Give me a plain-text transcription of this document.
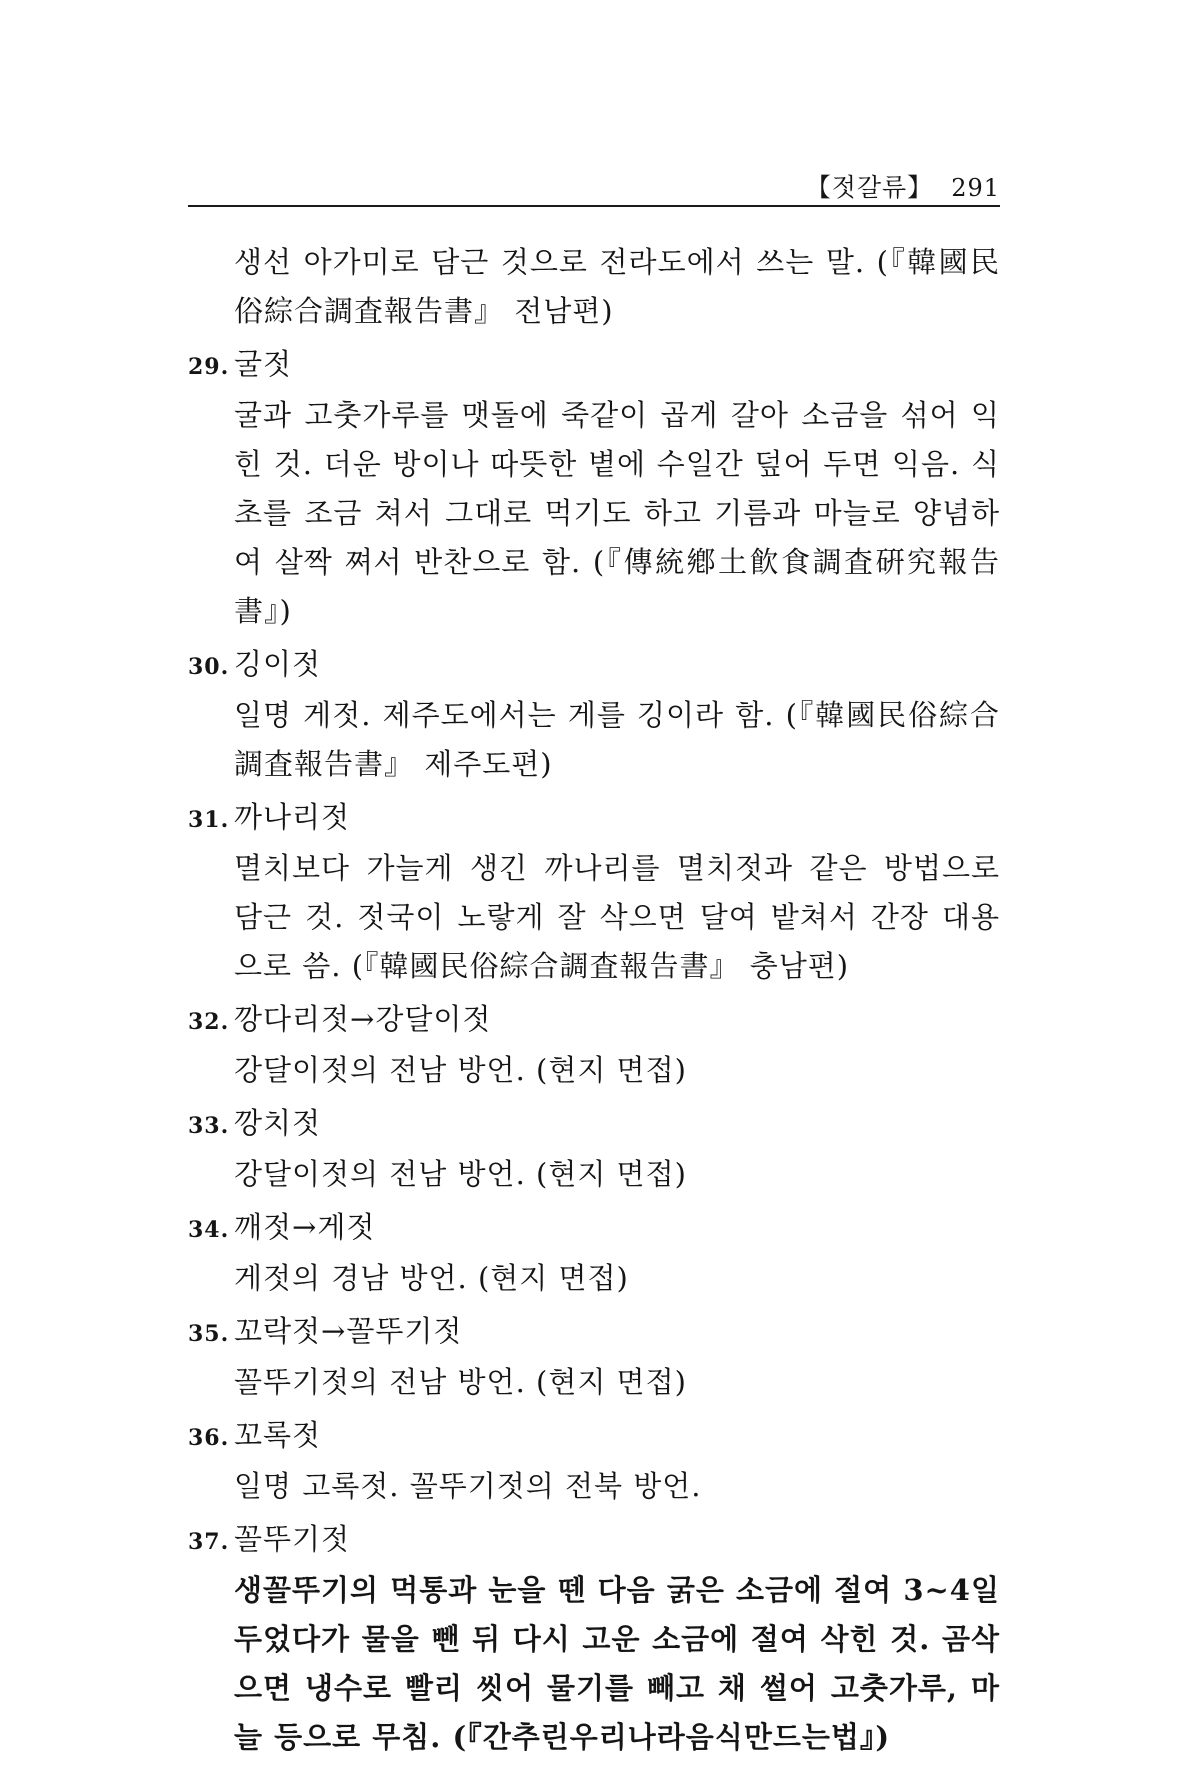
【젓갈류】 291
생선 아가미로 담근 것으로 전라도에서 쓰는 말. (『韓國民俗綜合調査報告書』 전남편)
29. 굴젓
굴과 고춧가루를 맷돌에 죽같이 곱게 갈아 소금을 섞어 익힌 것. 더운 방이나 따뜻한 볕에 수일간 덮어 두면 익음. 식초를 조금 쳐서 그대로 먹기도 하고 기름과 마늘로 양념하여 살짝 쪄서 반찬으로 함. (『傳統鄕土飮食調査硏究報告書』)
30. 깅이젓
일명 게젓. 제주도에서는 게를 깅이라 함. (『韓國民俗綜合調査報告書』 제주도편)
31. 까나리젓
멸치보다 가늘게 생긴 까나리를 멸치젓과 같은 방법으로 담근 것. 젓국이 노랗게 잘 삭으면 달여 밭쳐서 간장 대용으로 씀. (『韓國民俗綜合調査報告書』 충남편)
32. 깡다리젓→강달이젓
강달이젓의 전남 방언. (현지 면접)
33. 깡치젓
강달이젓의 전남 방언. (현지 면접)
34. 깨젓→게젓
게젓의 경남 방언. (현지 면접)
35. 꼬락젓→꼴뚜기젓
꼴뚜기젓의 전남 방언. (현지 면접)
36. 꼬록젓
일명 고록젓. 꼴뚜기젓의 전북 방언.
37. 꼴뚜기젓
생꼴뚜기의 먹통과 눈을 뗀 다음 굵은 소금에 절여 3~4일 두었다가 물을 뺀 뒤 다시 고운 소금에 절여 삭힌 것. 곰삭으면 냉수로 빨리 씻어 물기를 빼고 채 썰어 고춧가루, 마늘 등으로 무침. (『간추린우리나라음식만드는법』)
